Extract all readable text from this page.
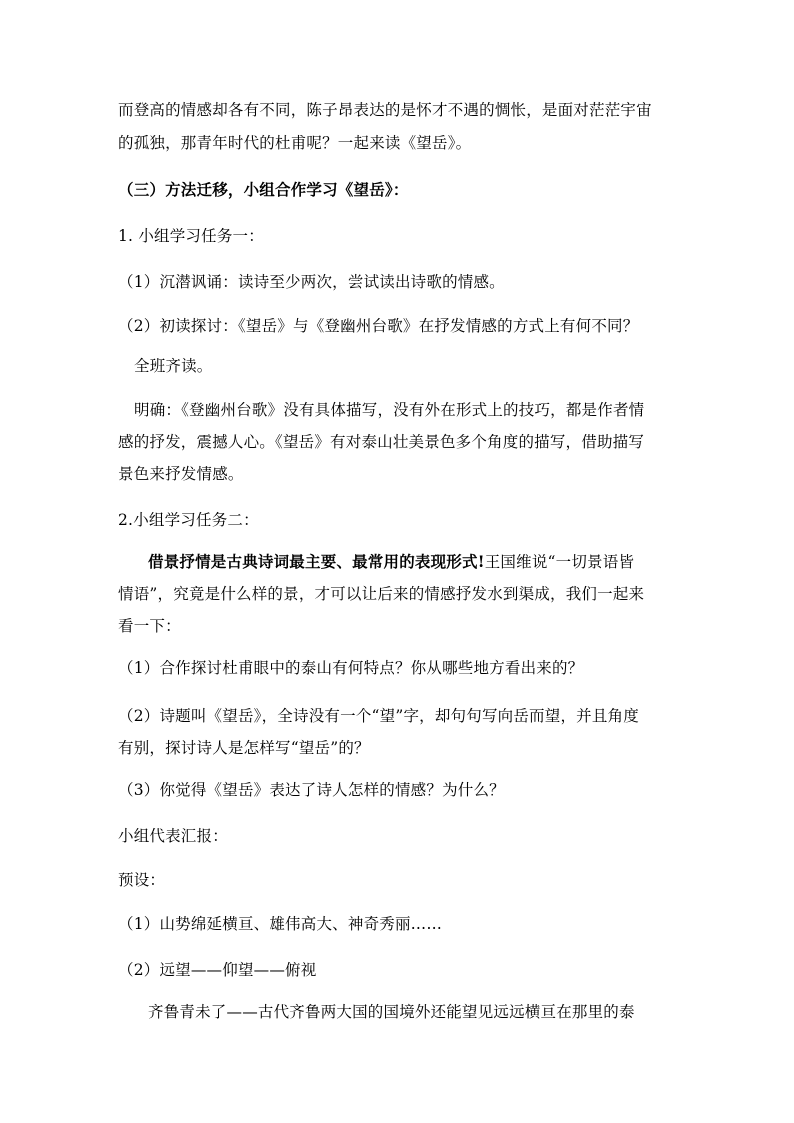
而登高的情感却各有不同，陈子昂表达的是怀才不遇的惆怅，是面对茫茫宇宙
的孤独，那青年时代的杜甫呢？一起来读《望岳》。
（三）方法迁移，小组合作学习《望岳》：
1. 小组学习任务一：
（1）沉潜讽诵：读诗至少两次，尝试读出诗歌的情感。
（2）初读探讨：《望岳》与《登幽州台歌》在抒发情感的方式上有何不同？
全班齐读。
明确：《登幽州台歌》没有具体描写，没有外在形式上的技巧，都是作者情
感的抒发，震撼人心。《望岳》有对泰山壮美景色多个角度的描写，借助描写
景色来抒发情感。
2.小组学习任务二：
借景抒情是古典诗词最主要、最常用的表现形式!王国维说“一切景语皆
情语”，究竟是什么样的景，才可以让后来的情感抒发水到渠成，我们一起来
看一下：
（1）合作探讨杜甫眼中的泰山有何特点？你从哪些地方看出来的？
（2）诗题叫《望岳》，全诗没有一个“望”字，却句句写向岳而望，并且角度
有别，探讨诗人是怎样写“望岳”的？
（3）你觉得《望岳》表达了诗人怎样的情感？为什么？
小组代表汇报：
预设：
（1）山势绵延横亘、雄伟高大、神奇秀丽……
（2）远望——仰望——俯视
齐鲁青未了——古代齐鲁两大国的国境外还能望见远远横亘在那里的泰
